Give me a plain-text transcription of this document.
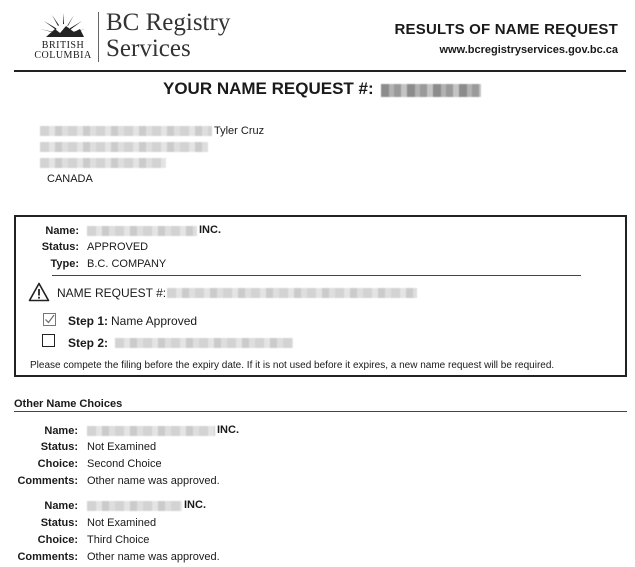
BRITISH
COLUMBIA
BC Registry
Services
RESULTS OF NAME REQUEST
www.bcregistryservices.gov.bc.ca
YOUR NAME REQUEST #:
Tyler Cruz
CANADA
Name:	INC.
Status: APPROVED
Type: B.C. COMPANY
NAME REQUEST #:
Step 1: Name Approved
Step 2:
Please compete the filing before the expiry date. If it is not used before it expires, a new name request will be required.
Other Name Choices
Name:	INC.
Status: Not Examined
Choice: Second Choice
Comments: Other name was approved.
Name:	INC.
Status: Not Examined
Choice: Third Choice
Comments: Other name was approved.
